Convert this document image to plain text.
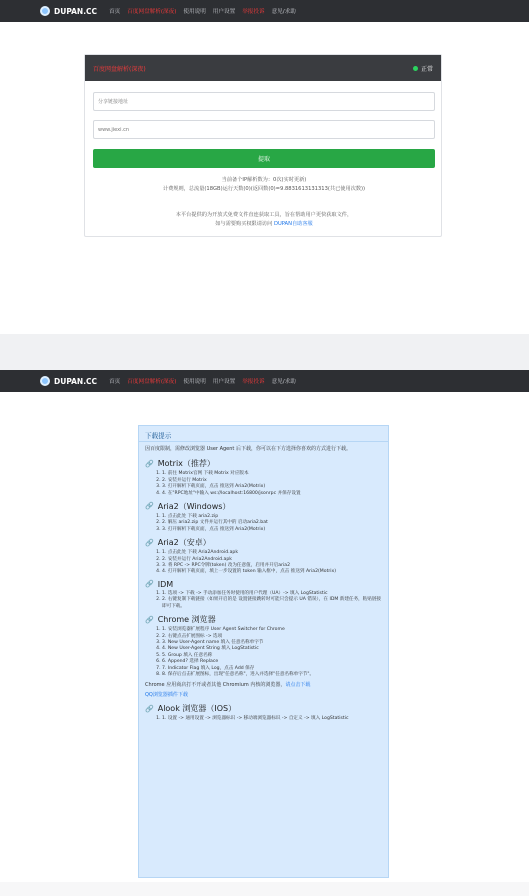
DUPAN.CC 首页 百度网盘解析(深夜) 使用说明 用户设置 举报投诉 意见/求助
百度网盘解析(深夜)	正常
分享链接地址
www.jiexi.cn
提取
当前备个IP解析数为：0次(实时更新)
计费规则，总流量(18GB)运行天数(0)(返回数(0)=9.8831613131313(共已使用次数))
本平台提供的为开放式免费文件直连获取工具，旨在帮助用户更快获取文件，
如与需要购买权限请访问 DUPAN自助客服
DUPAN.CC 首页 百度网盘解析(深夜) 使用说明 用户设置 举报投诉 意见/求助
下载提示
因百度限制，需修改浏览器 User Agent 后下载，你可以在下方选择你喜欢的方式进行下载。
🔗 Motrix（推荐）
1. 1. 前往 Motrix官网 下载 Motrix 对应版本
2. 2. 安装并运行 Motrix
3. 3. 打开解析下载页面，点击 推送到 Aria2(Motrix)
4. 4. 在"RPC地址"中输入 ws://localhost:16800/jsonrpc 并保存设置
🔗 Aria2（Windows）
1. 1. 点击此处 下载 aria2.zip
2. 2. 解压 aria2.zip 文件并运行其中的 启动aria2.bat
3. 3. 打开解析下载页面，点击 推送到 Aria2(Motrix)
🔗 Aria2（安卓）
1. 1. 点击此处 下载 Aria2Android.apk
2. 2. 安装并运行 Aria2Android.apk
3. 3. 将 RPC -> RPC令牌(token) 改为任意值，启用并开启aria2
4. 4. 打开解析下载页面，填上一步设置的 token 输入框中，点击 推送到 Aria2(Motrix)
🔗 IDM
1. 1. 选项 -> 下载 -> 手动添加任务时使用的用户代理（UA）-> 填入 LogStatistic
2. 2. 右键复制下载链接（如果开启的是 设置链接跳转时可能只会提示 UA 错误），在 IDM 新建任务，粘贴链接即可下载。
🔗 Chrome 浏览器
1. 1. 安装浏览器扩展程序 User Agent Switcher for Chrome
2. 2. 右键点击扩展图标 -> 选项
3. 3. New User-Agent name 填入 任意名称单字节
4. 4. New User-Agent String 填入 LogStatistic
5. 5. Group 填入 任意名称
6. 6. Append? 选择 Replace
7. 7. Indicator Flag 填入 Log，点击 Add 保存
8. 8. 保存后点击扩展图标，出现"任意名称"，进入并选择"任意名称单字节"。
Chrome 应用商店打不开或者其他 Chromium 内核的浏览器，请点击下载
QQ浏览器插件下载
🔗 Alook 浏览器（IOS）
1. 1. 设置 -> 通用设置 -> 浏览器标识 -> 移动端浏览器标识 -> 自定义 -> 填入 LogStatistic
